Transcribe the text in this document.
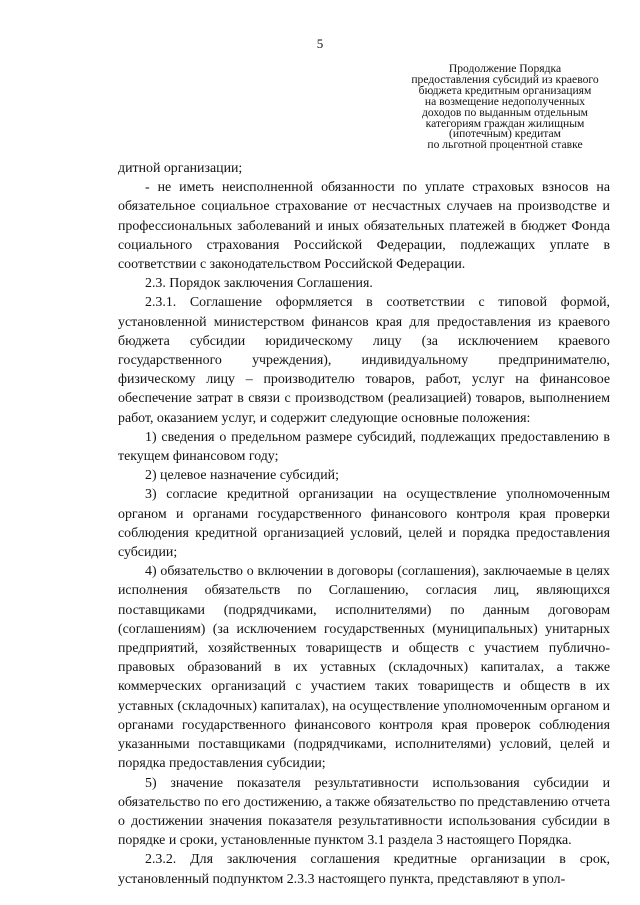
5
Продолжение Порядка
предоставления субсидий из краевого
бюджета кредитным организациям
на возмещение недополученных
доходов по выданным отдельным
категориям граждан жилищным
(ипотечным) кредитам
по льготной процентной ставке

дитной организации;

- не иметь неисполненной обязанности по уплате страховых взносов на обязательное социальное страхование от несчастных случаев на производстве и профессиональных заболеваний и иных обязательных платежей в бюджет Фонда социального страхования Российской Федерации, подлежащих уплате в соответствии с законодательством Российской Федерации.

2.3. Порядок заключения Соглашения.

2.3.1. Соглашение оформляется в соответствии с типовой формой, установленной министерством финансов края для предоставления из краевого бюджета субсидии юридическому лицу (за исключением краевого государственного учреждения), индивидуальному предпринимателю, физическому лицу – производителю товаров, работ, услуг на финансовое обеспечение затрат в связи с производством (реализацией) товаров, выполнением работ, оказанием услуг, и содержит следующие основные положения:

1) сведения о предельном размере субсидий, подлежащих предоставлению в текущем финансовом году;

2) целевое назначение субсидий;

3) согласие кредитной организации на осуществление уполномоченным органом и органами государственного финансового контроля края проверки соблюдения кредитной организацией условий, целей и порядка предоставления субсидии;

4) обязательство о включении в договоры (соглашения), заключаемые в целях исполнения обязательств по Соглашению, согласия лиц, являющихся поставщиками (подрядчиками, исполнителями) по данным договорам (соглашениям) (за исключением государственных (муниципальных) унитарных предприятий, хозяйственных товариществ и обществ с участием публично-правовых образований в их уставных (складочных) капиталах, а также коммерческих организаций с участием таких товариществ и обществ в их уставных (складочных) капиталах), на осуществление уполномоченным органом и органами государственного финансового контроля края проверок соблюдения указанными поставщиками (подрядчиками, исполнителями) условий, целей и порядка предоставления субсидии;

5) значение показателя результативности использования субсидии и обязательство по его достижению, а также обязательство по представлению отчета о достижении значения показателя результативности использования субсидии в порядке и сроки, установленные пунктом 3.1 раздела 3 настоящего Порядка.

2.3.2. Для заключения соглашения кредитные организации в срок, установленный подпунктом 2.3.3 настоящего пункта, представляют в упол-
